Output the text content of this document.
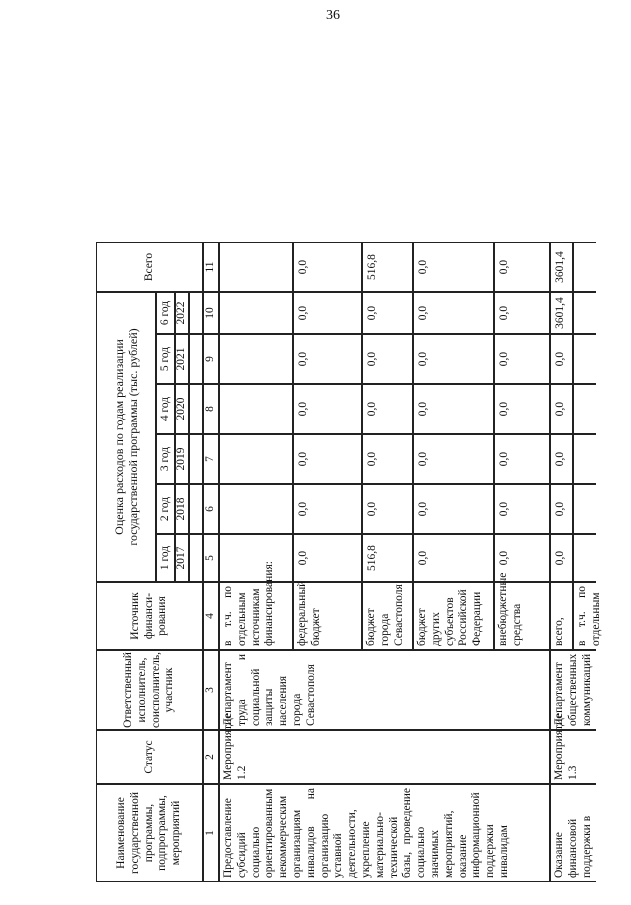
36
Наименование государственной программы, подпрограммы, мероприятий
Статус
Ответственный исполнитель, соисполнитель, участник
Источник финанси-рования
Оценка расходов по годам реализации государственной программы (тыс. рублей)
Всего
1 год 2017
2 год 2018
3 год 2019
4 год 2020
5 год 2021
6 год 2022
1
2
3
4
5
6
7
8
9
10
11
Предоставление субсидий социально ориентированным некоммерческим организациям инвалидов на организацию уставной деятельности, укрепление материально-технической базы, проведение социально значимых мероприятий, оказание информационной поддержки инвалидам
Мероприятие 1.2
Департамент труда и социальной защиты населения города Севастополя
в т.ч. по отдельным источникам финансирования:	федеральный бюджет
0,0
0,0
0,0
0,0
0,0
0,0
0,0
бюджет города Севастополя
516,8
0,0
0,0
0,0
0,0
0,0
516,8
бюджет других субъектов Российской Федерации
0,0
0,0
0,0
0,0
0,0
0,0
0,0
внебюджетные средства
0,0
0,0
0,0
0,0
0,0
0,0
0,0
Оказание финансовой поддержки в
Мероприятие 1.3
Департамент общественных коммуникаций
всего,
0,0
0,0
0,0
0,0
0,0
3601,4
3601,4
в т.ч. по отдельным
